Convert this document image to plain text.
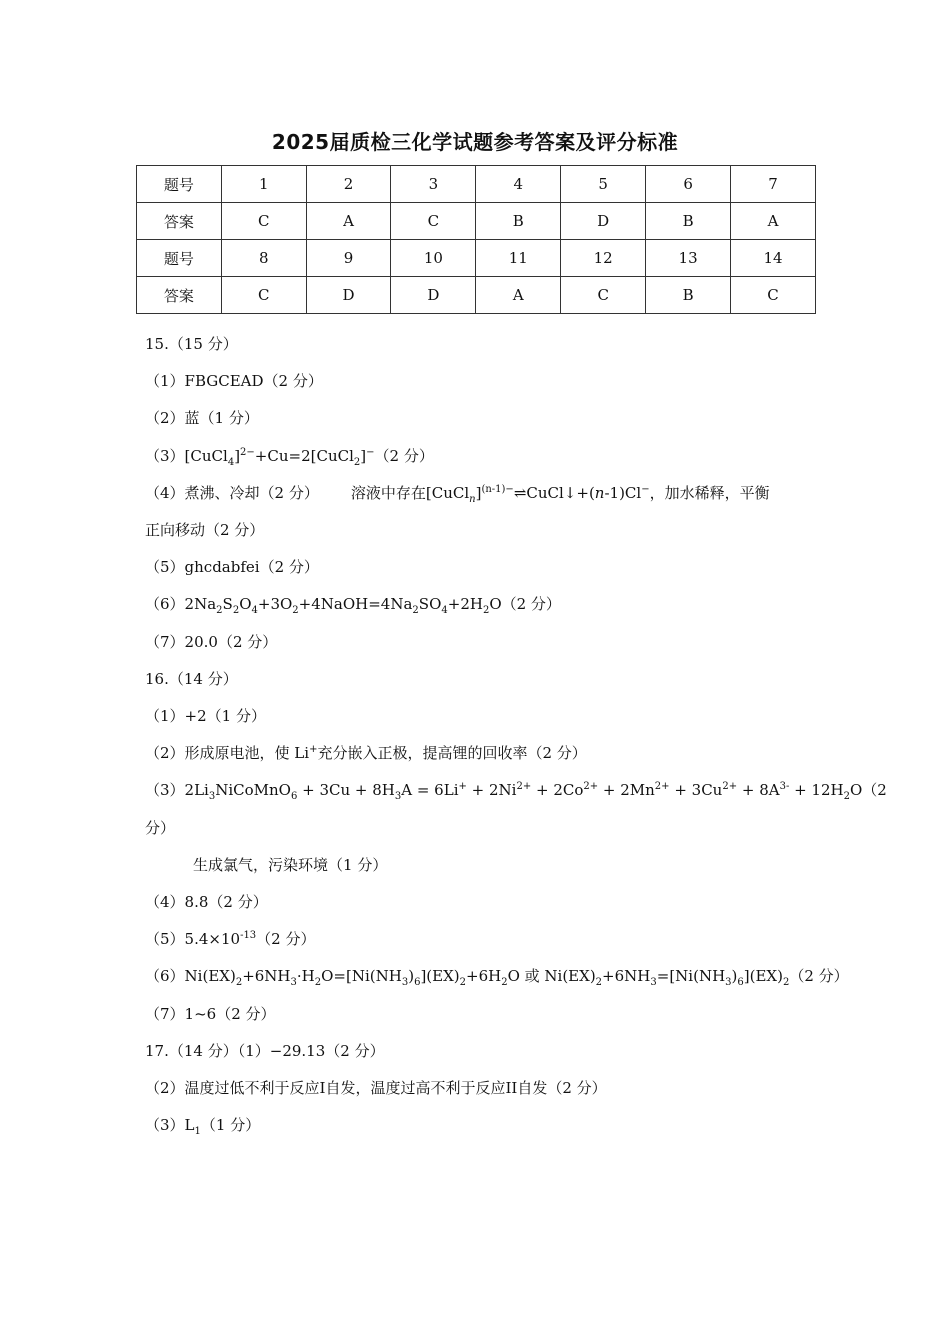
2025届质检三化学试题参考答案及评分标准
题号	1	2	3	4	5	6	7
答案	C	A	C	B	D	B	A
题号	8	9	10	11	12	13	14
答案	C	D	D	A	C	B	C
15.（15 分）
（1）FBGCEAD（2 分）
（2）蓝（1 分）
（3）[CuCl$_4$]$^{2-}$+Cu=2[CuCl$_2$]−（2 分）
（4）煮沸、冷却（2 分） 溶液中存在[CuCl$_n$]$^{(n-1)-}$⇌CuCl↓+(n-1)Cl−，加水稀释，平衡
正向移动（2 分）
（5）ghcdabfei（2 分）
$(6)2Na_2S_2O_4+3O_2+4NaOH=4Na_2SO_4+2H_2O(2$ 分）
（7）20.0（2 分）
16.（14 分）
（1）+2（1 分）
（2）形成原电池，使 Li+充分嵌入正极，提高锂的回收率（2 分）
$(3)2Li_3NiCoMnO_6 + 3Cu + 8H_3A = 6Li^+ + 2Ni^{2+} + 2Co^{2+} + 2Mn^{2+} + 3Cu^{2+} + 8A^{3-} + 12H_2O(2$
分）
生成氯气，污染环境（1 分）
（4）8.8（2 分）
$(5)5.4\times 10^{-13}(2$ 分）
$(6)Ni(EX)_2+6NH_3\cdot H_2O=[Ni(NH_3)_6](EX)_2+6H_2O$ 或 $Ni(EX)_2+6NH_3=[Ni(NH_3)_6](EX)_2(2$ 分）
（7）1~6（2 分）
17.（14 分）（1）−29.13（2 分）
（2）温度过低不利于反应I自发，温度过高不利于反应II自发（2 分）
$(3)L_1(1$ 分）
